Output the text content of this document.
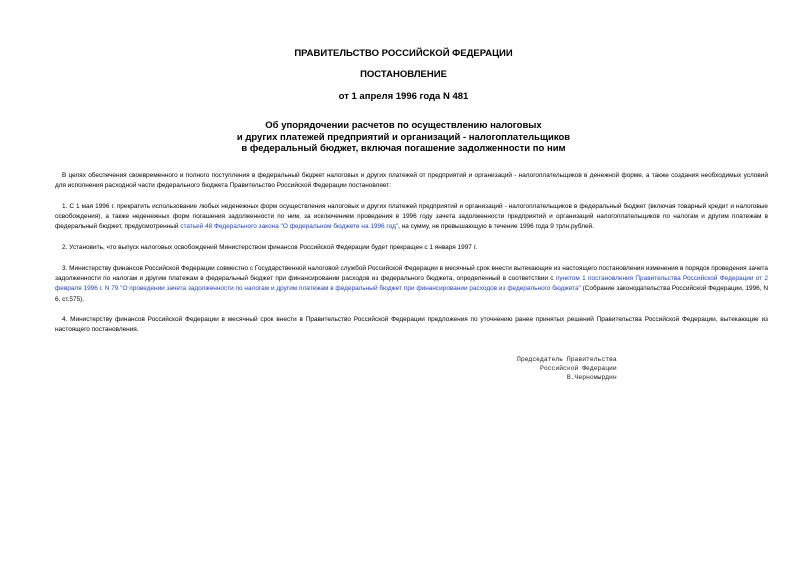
ПРАВИТЕЛЬСТВО РОССИЙСКОЙ ФЕДЕРАЦИИ
ПОСТАНОВЛЕНИЕ
от 1 апреля 1996 года N 481
Об упорядочении расчетов по осуществлению налоговых
и других платежей предприятий и организаций - налогоплательщиков
в федеральный бюджет, включая погашение задолженности по ним
В целях обеспечения своевременного и полного поступления в федеральный бюджет налоговых и других платежей от предприятий и организаций - налогоплательщиков в денежной форме, а также создания необходимых условий для исполнения расходной части федерального бюджета Правительство Российской Федерации постановляет:
1. С 1 мая 1996 г. прекратить использование любых неденежных форм осуществления налоговых и других платежей предприятий и организаций - налогоплательщиков в федеральный бюджет (включая товарный кредит и налоговые освобождения), а также неденежных форм погашения задолженности по ним, за исключением проведения в 1996 году зачета задолженности предприятий и организаций налогоплательщиков по налогам и другим платежам в федеральный бюджет, предусмотренный статьей 48 Федерального закона "О федеральном бюджете на 1996 год", на сумму, не превышающую в течение 1996 года 9 трлн.рублей.
2. Установить, что выпуск налоговых освобождений Министерством финансов Российской Федерации будет прекращен с 1 января 1997 г.
3. Министерству финансов Российской Федерации совместно с Государственной налоговой службой Российской Федерации в месячный срок внести вытекающие из настоящего постановления изменения в порядок проведения зачета задолженности по налогам и другим платежам в федеральный бюджет при финансировании расходов из федерального бюджета, определенный в соответствии с пунктом 1 постановления Правительства Российской Федерации от 2 февраля 1996 г. N 79 "О проведении зачета задолженности по налогам и другим платежам в федеральный бюджет при финансировании расходов из федерального бюджета" (Собрание законодательства Российской Федерации, 1996, N 6, ст.575).
4. Министерству финансов Российской Федерации в месячный срок внести в Правительство Российской Федерации предложения по уточнению ранее принятых решений Правительства Российской Федерации, вытекающие из настоящего постановления.
Председатель Правительства
Российской Федерации
В.Черномырдин
